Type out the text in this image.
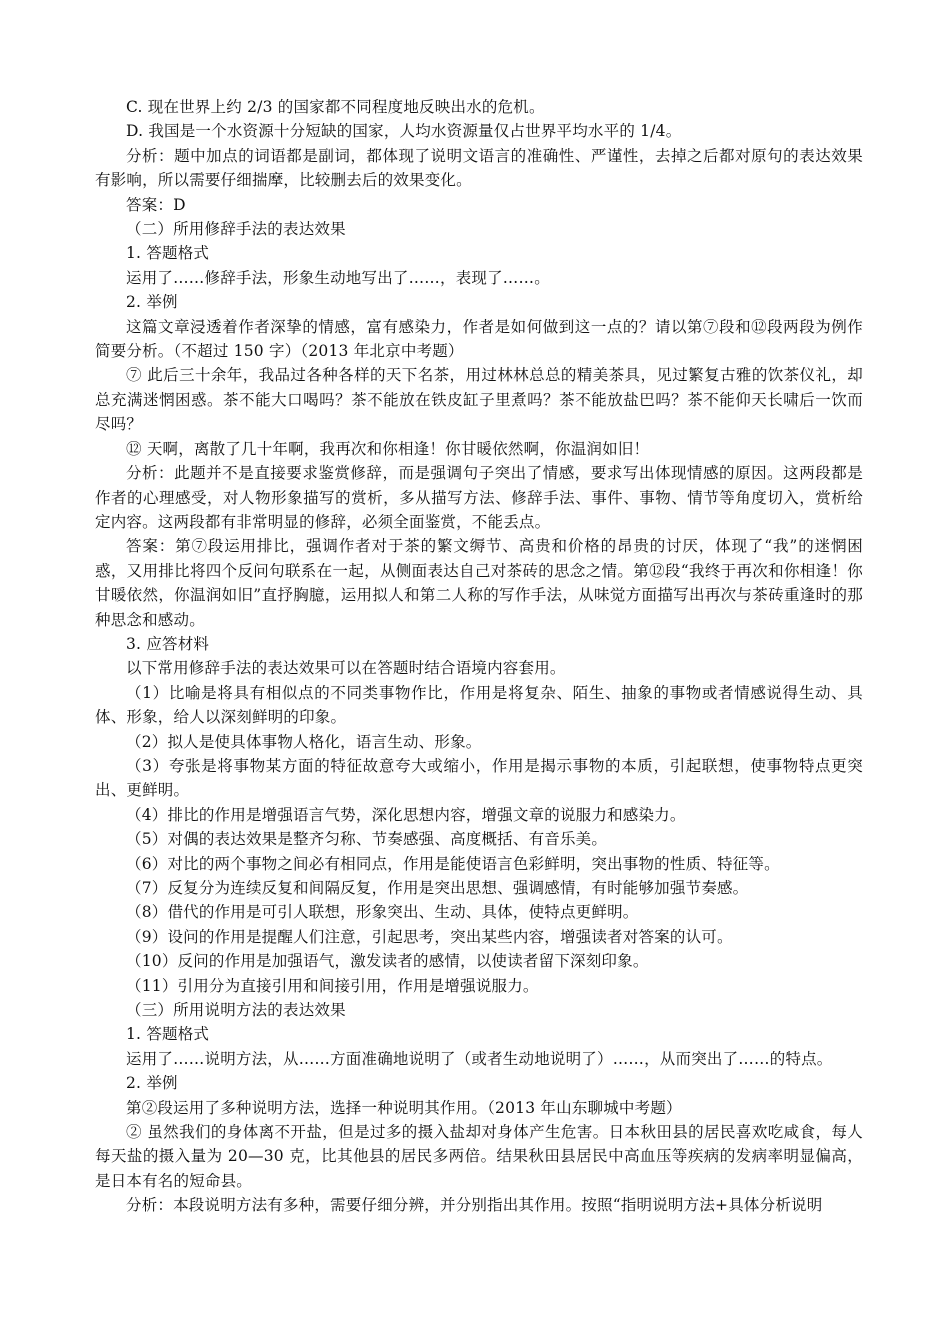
C. 现在世界上约 2/3 的国家都不同程度地反映出水的危机。

D. 我国是一个水资源十分短缺的国家，人均水资源量仅占世界平均水平的 1/4。

分析：题中加点的词语都是副词，都体现了说明文语言的准确性、严谨性，去掉之后都对原句的表达效果有影响，所以需要仔细揣摩，比较删去后的效果变化。

答案：D

（二）所用修辞手法的表达效果

1. 答题格式

运用了……修辞手法，形象生动地写出了……，表现了……。

2. 举例

这篇文章浸透着作者深挚的情感，富有感染力，作者是如何做到这一点的？请以第⑦段和⑫段两段为例作简要分析。（不超过 150 字）（2013 年北京中考题）

⑦ 此后三十余年，我品过各种各样的天下名茶，用过林林总总的精美茶具，见过繁复古雅的饮茶仪礼，却总充满迷惘困惑。茶不能大口喝吗？茶不能放在铁皮缸子里煮吗？茶不能放盐巴吗？茶不能仰天长啸后一饮而尽吗？

⑫ 天啊，离散了几十年啊，我再次和你相逢！你甘暖依然啊，你温润如旧！

分析：此题并不是直接要求鉴赏修辞，而是强调句子突出了情感，要求写出体现情感的原因。这两段都是作者的心理感受，对人物形象描写的赏析，多从描写方法、修辞手法、事件、事物、情节等角度切入，赏析给定内容。这两段都有非常明显的修辞，必须全面鉴赏，不能丢点。

答案：第⑦段运用排比，强调作者对于茶的繁文缛节、高贵和价格的昂贵的讨厌，体现了“我”的迷惘困惑，又用排比将四个反问句联系在一起，从侧面表达自己对茶砖的思念之情。第⑫段“我终于再次和你相逢！你甘暖依然，你温润如旧”直抒胸臆，运用拟人和第二人称的写作手法，从味觉方面描写出再次与茶砖重逢时的那种思念和感动。

3. 应答材料

以下常用修辞手法的表达效果可以在答题时结合语境内容套用。

（1）比喻是将具有相似点的不同类事物作比，作用是将复杂、陌生、抽象的事物或者情感说得生动、具体、形象，给人以深刻鲜明的印象。

（2）拟人是使具体事物人格化，语言生动、形象。

（3）夸张是将事物某方面的特征故意夸大或缩小，作用是揭示事物的本质，引起联想，使事物特点更突出、更鲜明。

（4）排比的作用是增强语言气势，深化思想内容，增强文章的说服力和感染力。

（5）对偶的表达效果是整齐匀称、节奏感强、高度概括、有音乐美。

（6）对比的两个事物之间必有相同点，作用是能使语言色彩鲜明，突出事物的性质、特征等。

（7）反复分为连续反复和间隔反复，作用是突出思想、强调感情，有时能够加强节奏感。

（8）借代的作用是可引人联想，形象突出、生动、具体，使特点更鲜明。

（9）设问的作用是提醒人们注意，引起思考，突出某些内容，增强读者对答案的认可。

（10）反问的作用是加强语气，激发读者的感情，以使读者留下深刻印象。

（11）引用分为直接引用和间接引用，作用是增强说服力。

（三）所用说明方法的表达效果

1. 答题格式

运用了……说明方法，从……方面准确地说明了（或者生动地说明了）……，从而突出了……的特点。

2. 举例

第②段运用了多种说明方法，选择一种说明其作用。（2013 年山东聊城中考题）

② 虽然我们的身体离不开盐，但是过多的摄入盐却对身体产生危害。日本秋田县的居民喜欢吃咸食，每人每天盐的摄入量为 20—30 克，比其他县的居民多两倍。结果秋田县居民中高血压等疾病的发病率明显偏高，是日本有名的短命县。

分析：本段说明方法有多种，需要仔细分辨，并分别指出其作用。按照“指明说明方法+具体分析说明
